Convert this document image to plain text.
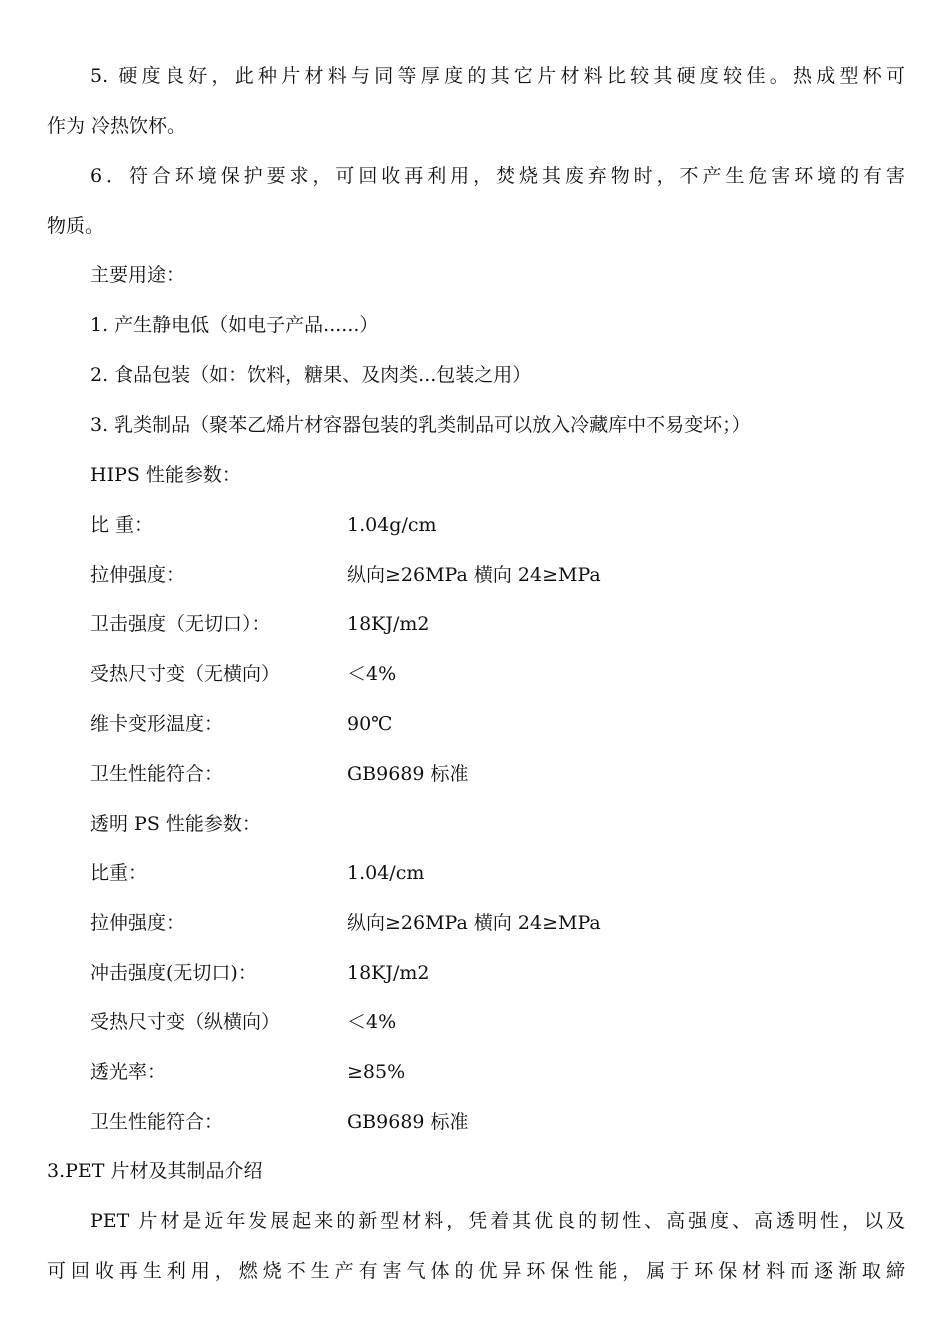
5. 硬度良好，此种片材料与同等厚度的其它片材料比较其硬度较佳。热成型杯可
作为 冷热饮杯。
6．符合环境保护要求，可回收再利用，焚烧其废弃物时，不产生危害环境的有害
物质。
主要用途：
1. 产生静电低（如电子产品......）
2. 食品包装（如：饮料，糖果、及肉类...包装之用）
3. 乳类制品（聚苯乙烯片材容器包装的乳类制品可以放入冷藏库中不易变坏；）
HIPS 性能参数：
比 重：	1.04g/cm
拉伸强度：	纵向≥26MPa 横向 24≥MPa
卫击强度（无切口）：	18KJ/m2
受热尺寸变（无横向）	＜4%
维卡变形温度：	90℃
卫生性能符合：	GB9689 标准
透明 PS 性能参数：
比重：	1.04/cm
拉伸强度：	纵向≥26MPa 横向 24≥MPa
冲击强度(无切口)：	18KJ/m2
受热尺寸变（纵横向）	＜4%
透光率：	≥85%
卫生性能符合：	GB9689 标准
3.PET 片材及其制品介绍
PET 片材是近年发展起来的新型材料，凭着其优良的韧性、高强度、高透明性，以及
可回收再生利用，燃烧不生产有害气体的优异环保性能，属于环保材料而逐渐取締
